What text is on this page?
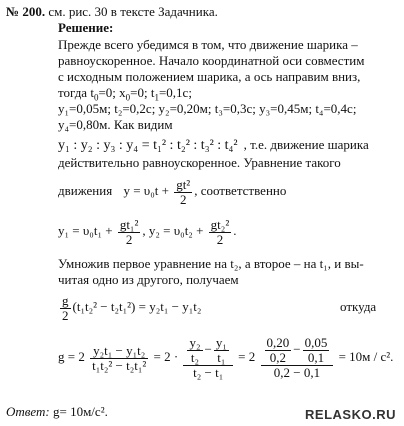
№ 200. см. рис. 30 в тексте Задачника.
Решение:
Прежде всего убедимся в том, что движение шарика –
равноускоренное. Начало координатной оси совместим
с исходным положением шарика, а ось направим вниз,
тогда $t_0=0$; $x_0=0$; $t_1=0,1с$;
y₁=0,05м; t₂=0,2с; y₂=0,20м; t₃=0,3с; y₃=0,45м; t₄=0,4с;
y₄=0,80м. Как видим
y₁ : y₂ : y₃ : y₄ = t₁² : t₂² : t₃² : t₄² , т.е. движение шарика
действительно равноускоренное. Уравнение такого
движения $y = \upsilon_0t + \frac{\text{gt²}}{2}$ , соответственно
$y_1 = \upsilon_0t_1 + \frac{\text{gt₁²}}{2}$ , $y_2 = \upsilon_0t_2 + \frac{\text{gt₂²}}{2}$ .
Умножив первое уравнение на t₂, а второе – на t₁, и вы-
читая одно из другого, получаем
$\frac{g}{2} (t_1t_2^2 - t_2t_1^2) = y_2t_1 - y_1t_2$	откуда
$g = 2 \frac{\text{y₂t₁ − y₁t₂}}{\text{t₁t₂² − t₂t₁²}} = 2 \cdot \frac{\frac{\text{y₂}}{\text{t₂}} - \frac{\text{y₁}}{\text{t₁}}}{\text{t₂ − t₁}} = 2 \frac{\frac{0,20}{0,2} - \frac{0,05}{0,1}}{0,2 - 0,1} = 10м / с^2$.
Ответ: g= 10м/с².	RELASKO.RU
